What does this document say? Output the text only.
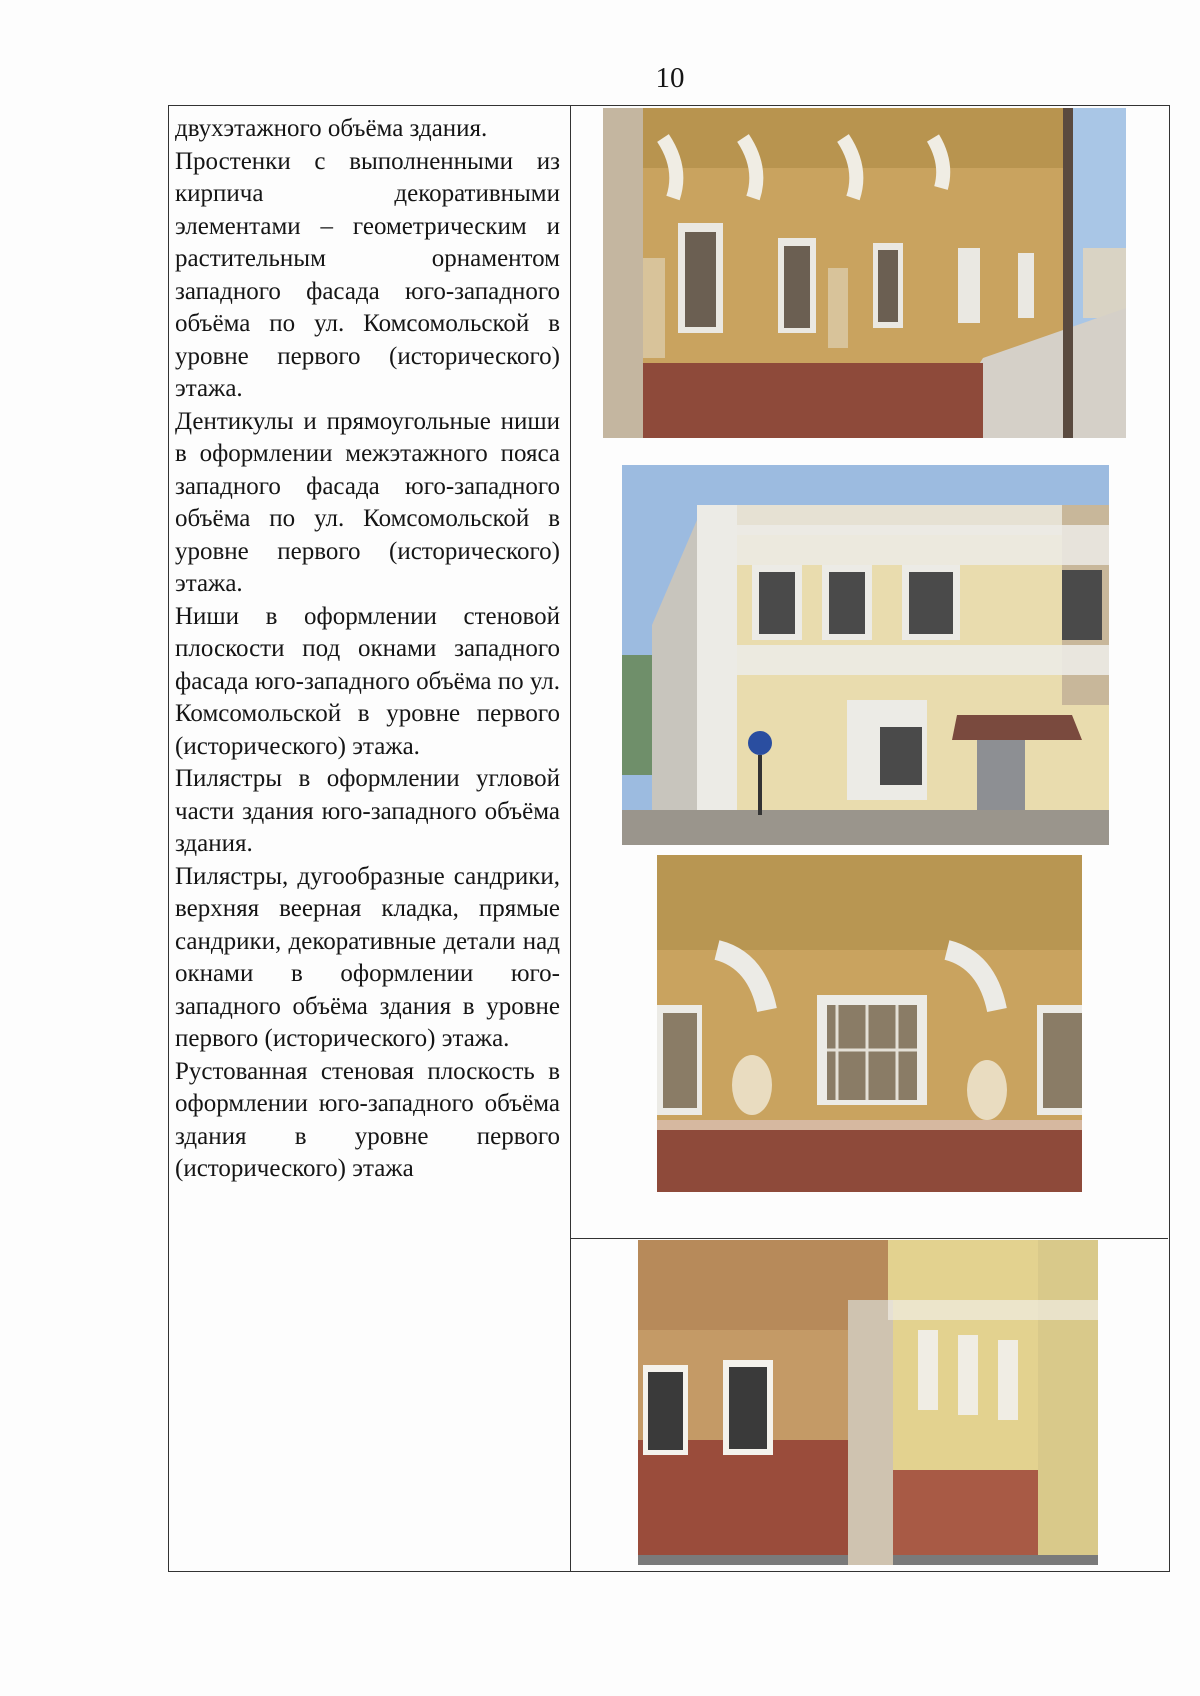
10

двухэтажного объёма здания.

Простенки с выполненными из кирпича декоративными элементами – геометрическим и растительным орнаментом западного фасада юго-западного объёма по ул. Комсомольской в уровне первого (исторического) этажа.

Дентикулы и прямоугольные ниши в оформлении межэтажного пояса западного фасада юго-западного объёма по ул. Комсомольской в уровне первого (исторического) этажа.

Ниши в оформлении стеновой плоскости под окнами западного фасада юго-западного объёма по ул. Комсомольской в уровне первого (исторического) этажа.

Пилястры в оформлении угловой части здания юго-западного объёма здания.

Пилястры, дугообразные сандрики, верхняя веерная кладка, прямые сандрики, декоративные детали над окнами в оформлении юго-западного объёма здания в уровне первого (исторического) этажа.

Рустованная стеновая плоскость в оформлении юго-западного объёма здания в уровне первого (исторического) этажа
